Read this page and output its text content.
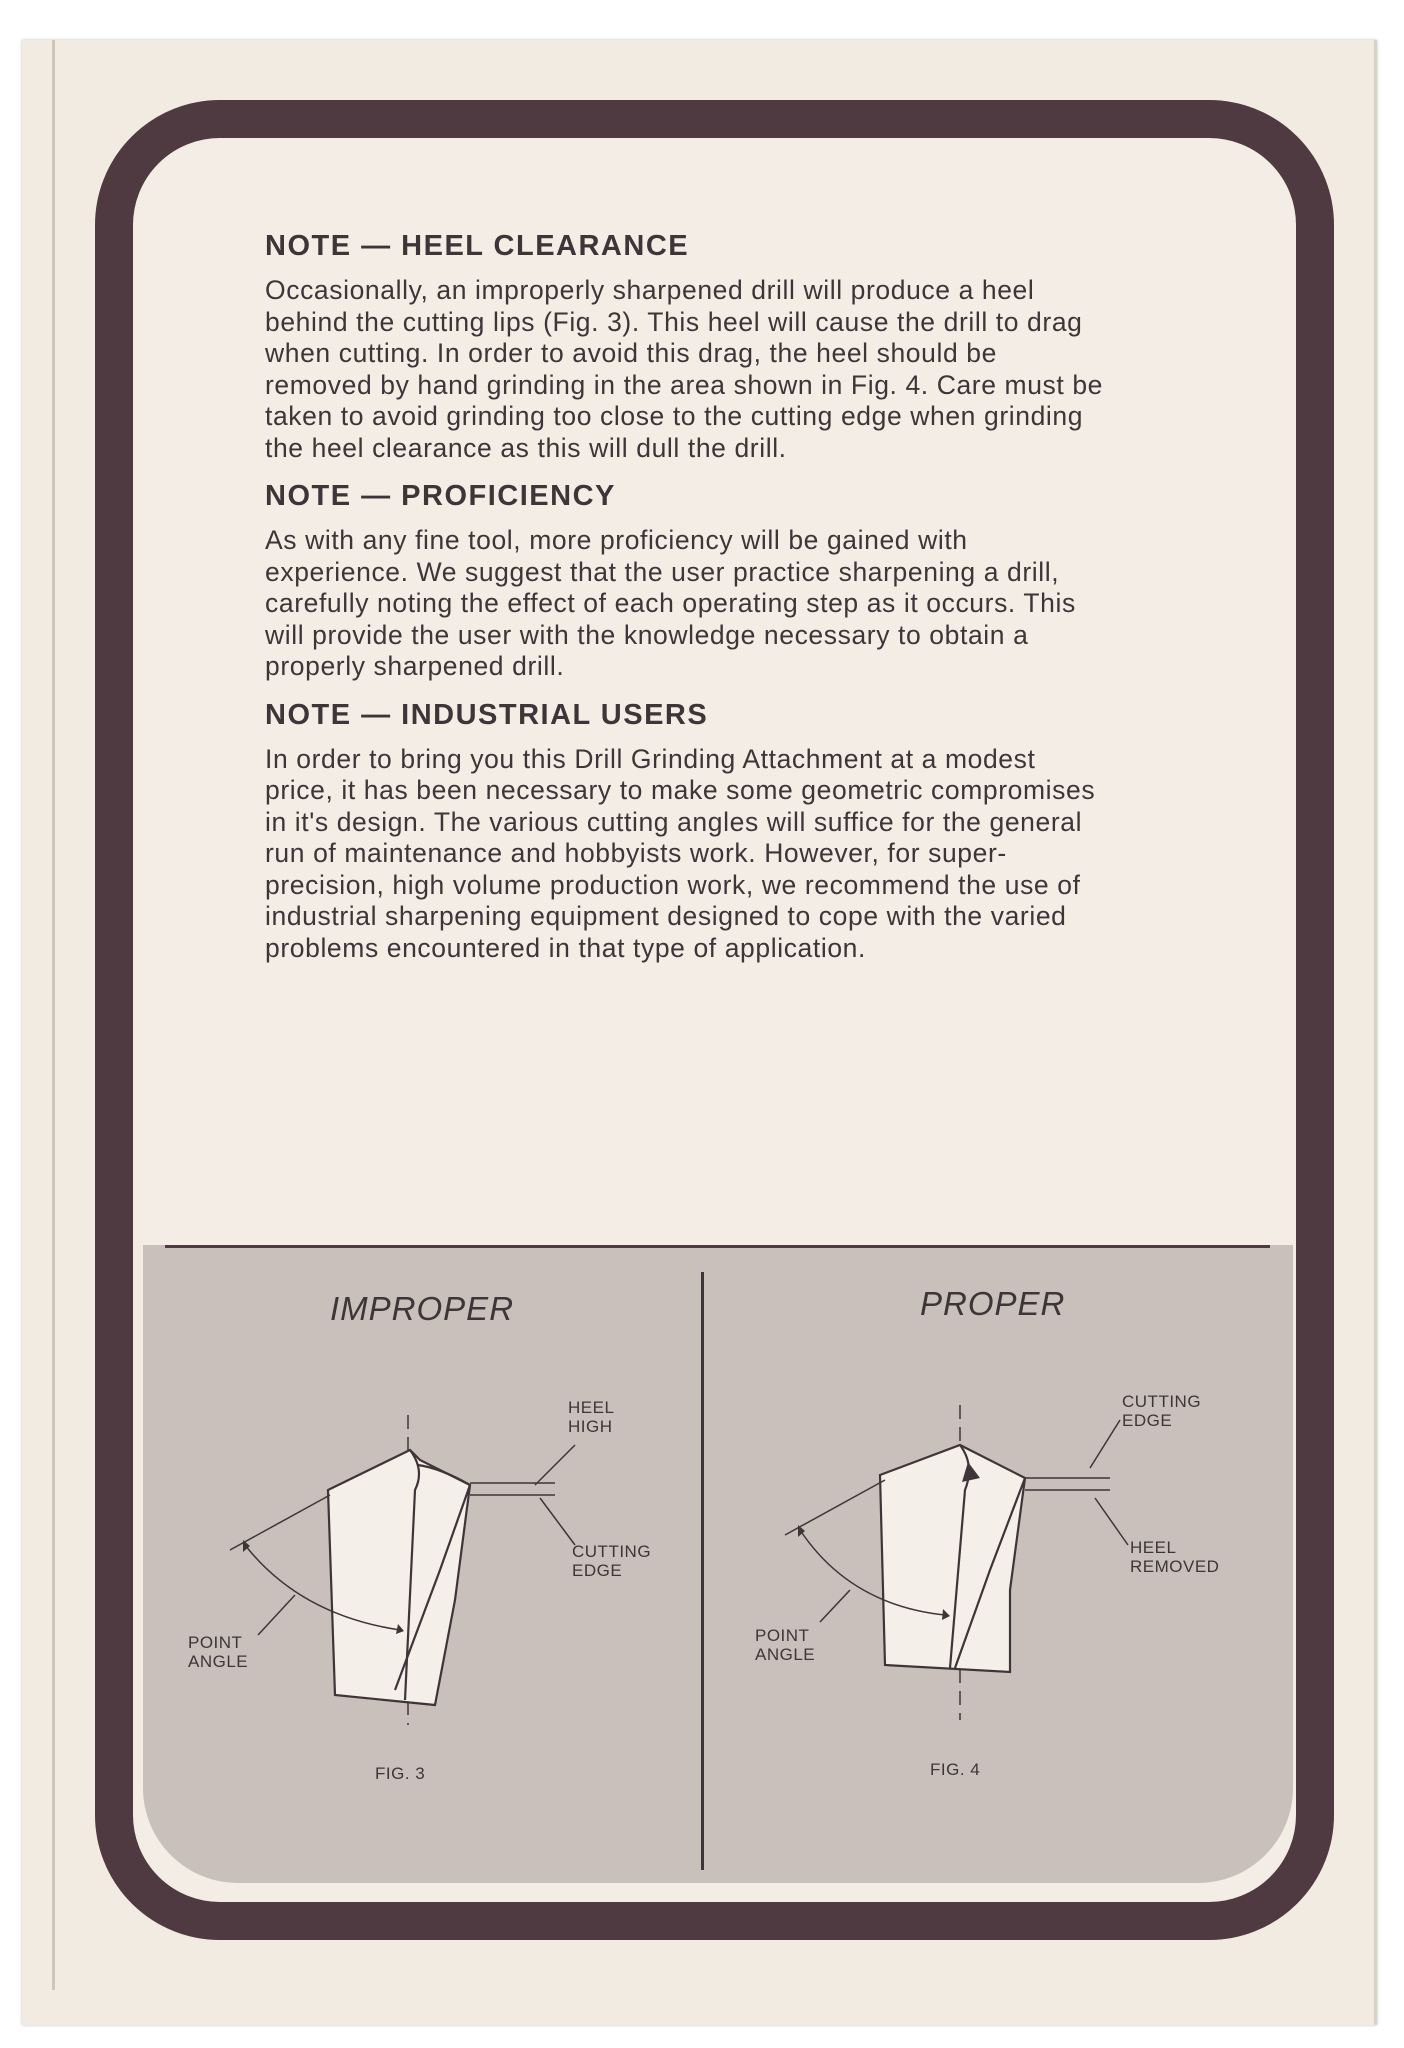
NOTE — HEEL CLEARANCE
Occasionally, an improperly sharpened drill will produce a heel behind the cutting lips (Fig. 3). This heel will cause the drill to drag when cutting. In order to avoid this drag, the heel should be removed by hand grinding in the area shown in Fig. 4. Care must be taken to avoid grinding too close to the cutting edge when grinding the heel clearance as this will dull the drill.
NOTE — PROFICIENCY
As with any fine tool, more proficiency will be gained with experience. We suggest that the user practice sharpening a drill, carefully noting the effect of each operating step as it occurs. This will provide the user with the knowledge necessary to obtain a properly sharpened drill.
NOTE — INDUSTRIAL USERS
In order to bring you this Drill Grinding Attachment at a modest price, it has been necessary to make some geometric compromises in it's design. The various cutting angles will suffice for the general run of maintenance and hobbyists work. However, for super-precision, high volume production work, we recommend the use of industrial sharpening equipment designed to cope with the varied problems encountered in that type of application.
IMPROPER	PROPER
HEEL
HIGH
CUTTING
EDGE
POINT
ANGLE
FIG. 3
CUTTING
EDGE
HEEL
REMOVED
POINT
ANGLE
FIG. 4
